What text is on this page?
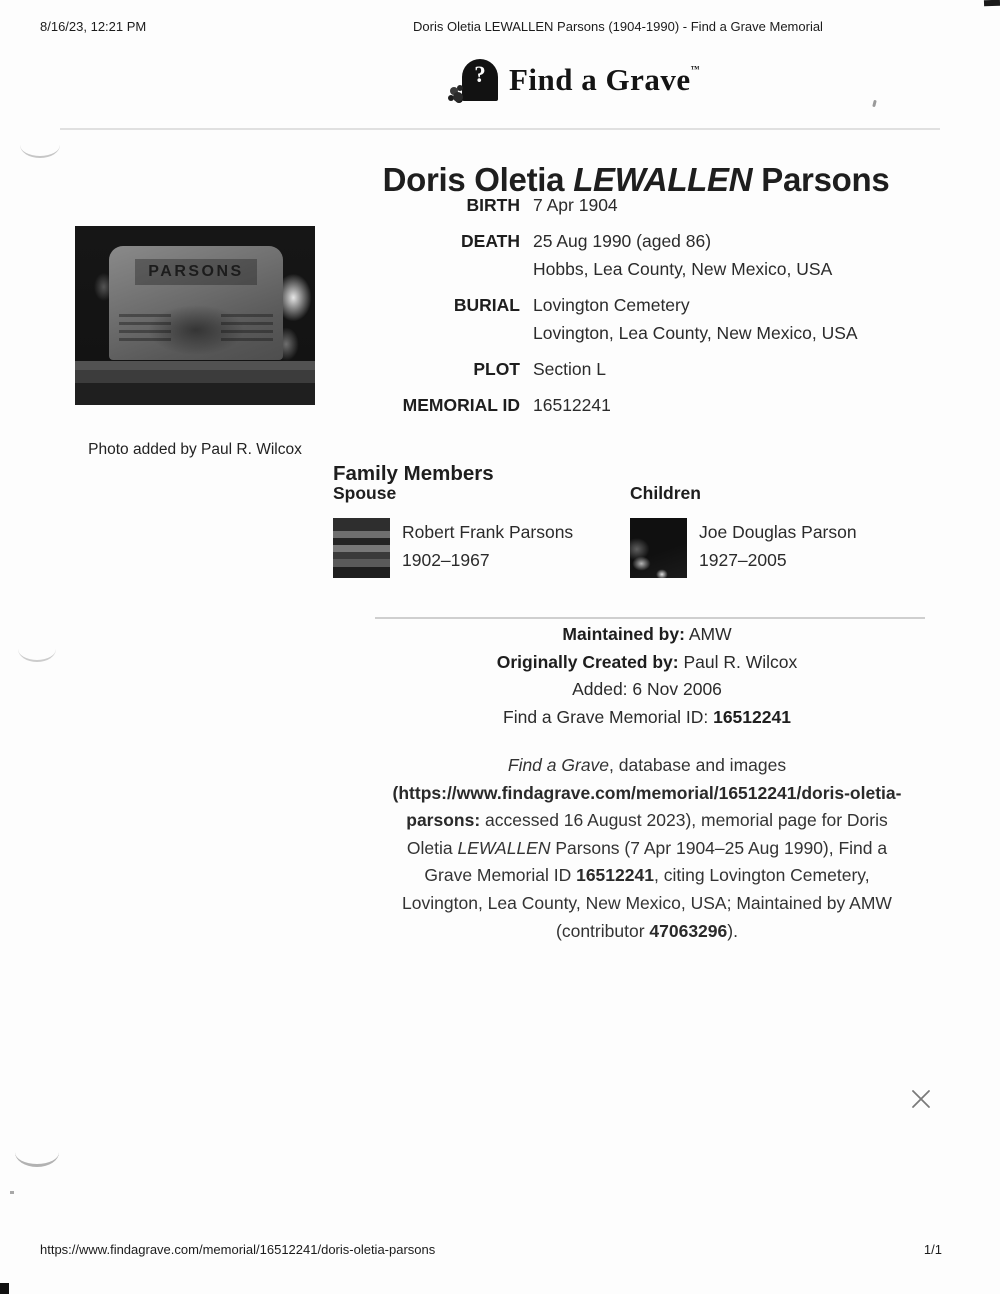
8/16/23, 12:21 PM	Doris Oletia LEWALLEN Parsons (1904-1990) - Find a Grave Memorial
? Find a Grave™
Doris Oletia LEWALLEN Parsons
BIRTH 7 Apr 1904
DEATH 25 Aug 1990 (aged 86)
Hobbs, Lea County, New Mexico, USA
BURIAL Lovington Cemetery
Lovington, Lea County, New Mexico, USA
PLOT Section L
MEMORIAL ID 16512241
PARSONS
Photo added by Paul R. Wilcox
Family Members
Spouse
Robert Frank Parsons
1902–1967
Children
Joe Douglas Parson
1927–2005

Maintained by: AMW

Originally Created by: Paul R. Wilcox

Added: 6 Nov 2006

Find a Grave Memorial ID: 16512241

Find a Grave, database and images (https://www.findagrave.com/memorial/16512241/doris-oletia-parsons: accessed 16 August 2023), memorial page for Doris Oletia LEWALLEN Parsons (7 Apr 1904–25 Aug 1990), Find a Grave Memorial ID 16512241, citing Lovington Cemetery, Lovington, Lea County, New Mexico, USA; Maintained by AMW (contributor 47063296).

https://www.findagrave.com/memorial/16512241/doris-oletia-parsons	1/1
